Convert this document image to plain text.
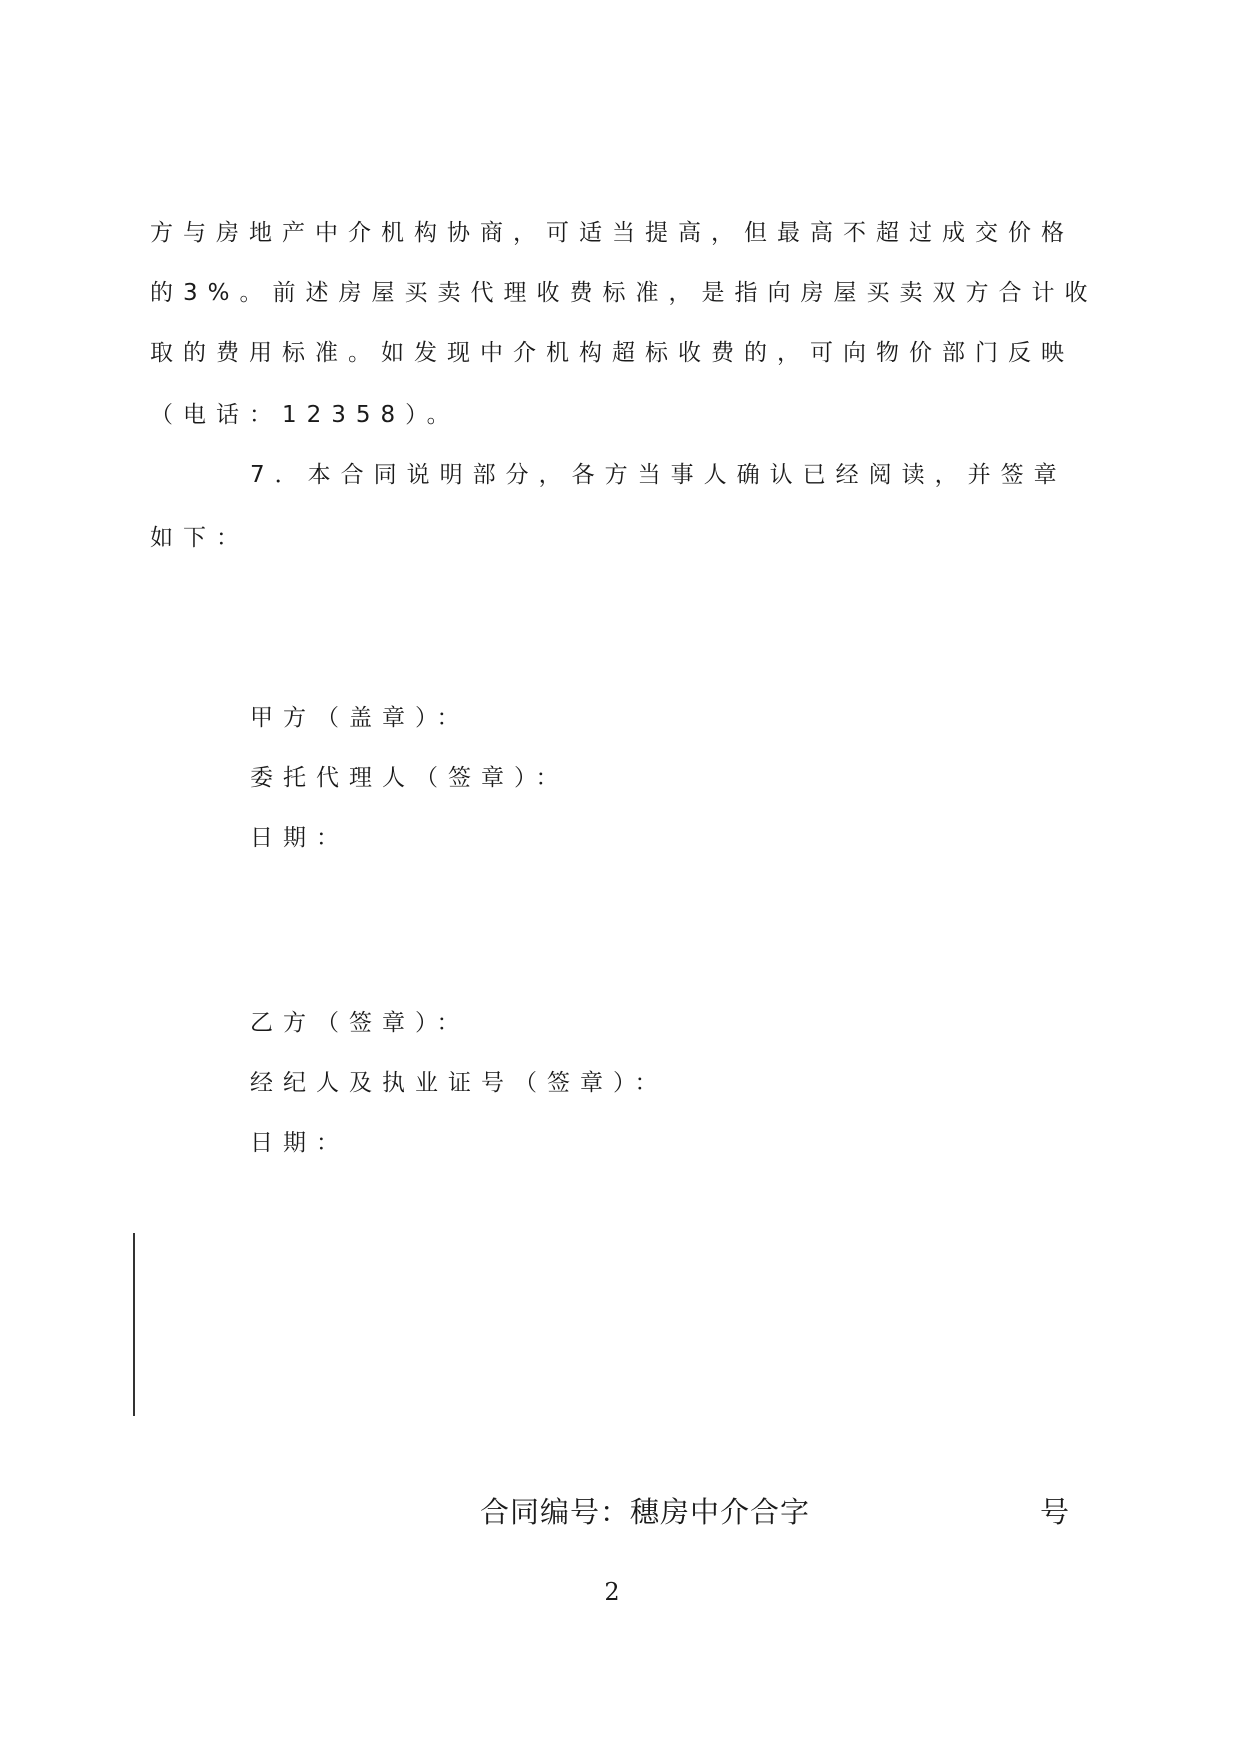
方与房地产中介机构协商，可适当提高，但最高不超过成交价格

的3%。前述房屋买卖代理收费标准，是指向房屋买卖双方合计收

取的费用标准。如发现中介机构超标收费的，可向物价部门反映

（电话：12358）。

7．本合同说明部分，各方当事人确认已经阅读，并签章

如下：

甲方（盖章）：
委托代理人（签章）：
日期：
乙方（签章）：
经纪人及执业证号（签章）：
日期：
合同编号：穗房中介合字	号
2
